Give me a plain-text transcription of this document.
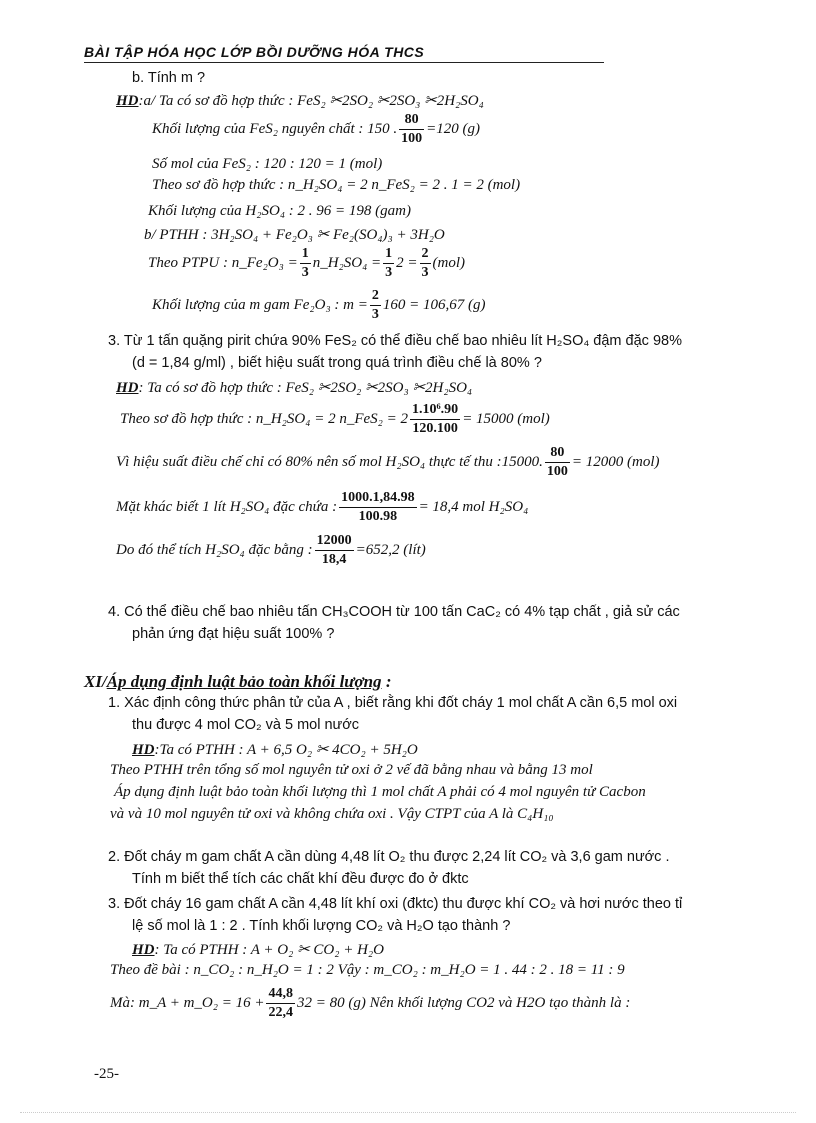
BÀI TẬP HÓA HỌC LỚP BỒI DƯỠNG HÓA THCS
b. Tính m ?
HD:a/ Ta có sơ đồ hợp thức : FeS₂ ✂2SO₂ ✂2SO₃ ✂2H₂SO₄
Khối lượng của FeS₂ nguyên chất : 150 . $\frac{80}{100} =120$ (g)
Số mol của FeS₂ : 120 : 120 = 1 (mol)
Theo sơ đồ hợp thức : n_H₂SO₄ = 2 n_FeS₂ = 2 . 1 = 2 (mol)
Khối lượng của H₂SO₄ : 2 . 96 = 198 (gam)
b/ PTHH : 3H₂SO₄ + Fe₂O₃ ✂ Fe₂(SO₄)₃ + 3H₂O
Theo PTPU : n_Fe₂O₃ = $\frac{1}{3}$ n_H₂SO₄ = $\frac{1}{3} 2 = \frac{2}{3} (mol)$
Khối lượng của m gam Fe₂O₃ : $m = \frac{2}{3} 160 = 106,67$ (g)
3. Từ 1 tấn quặng pirit chứa 90% FeS₂ có thể điều chế bao nhiêu lít H₂SO₄ đậm đặc 98%
(d = 1,84 g/ml) , biết hiệu suất trong quá trình điều chế là 80% ?
HD: Ta có sơ đồ hợp thức : FeS₂ ✂2SO₂ ✂2SO₃ ✂2H₂SO₄
Theo sơ đồ hợp thức : n_H₂SO₄ = 2 n_FeS₂ = $2 \frac{\text{1.10⁶.90}}{120.100} = 15000$ (mol)
Vì hiệu suất điều chế chỉ có 80% nên số mol H₂SO₄ thực tế thu :15000. $\frac{80}{100} = 12000$ (mol)
Mặt khác biết 1 lít H₂SO₄ đặc chứa : $\frac{1000.1,84.98}{100.98} = 18,4$ mol H₂SO₄
Do đó thể tích H₂SO₄ đặc bằng : $\frac{12000}{18,4} =652,2$ (lít)
4. Có thể điều chế bao nhiêu tấn CH₃COOH từ 100 tấn CaC₂ có 4% tạp chất , giả sử các
phản ứng đạt hiệu suất 100% ?
XI/Áp dụng định luật bảo toàn khối lượng :
1. Xác định công thức phân tử của A , biết rằng khi đốt cháy 1 mol chất A cần 6,5 mol oxi
thu được 4 mol CO₂ và 5 mol nước
HD:Ta có PTHH : A + 6,5 O₂ ✂ 4CO₂ + 5H₂O
Theo PTHH trên tổng số mol nguyên tử oxi ở 2 vế đã bằng nhau và bằng 13 mol
Áp dụng định luật bảo toàn khối lượng thì 1 mol chất A phải có 4 mol nguyên tử Cacbon
và và 10 mol nguyên tử oxi và không chứa oxi . Vậy CTPT của A là C₄H₁₀
2. Đốt cháy m gam chất A cần dùng 4,48 lít O₂ thu được 2,24 lít CO₂ và 3,6 gam nước .
Tính m biết thể tích các chất khí đều được đo ở đktc
3. Đốt cháy 16 gam chất A cần 4,48 lít khí oxi (đktc) thu được khí CO₂ và hơi nước theo tỉ
lệ số mol là 1 : 2 . Tính khối lượng CO₂ và H₂O tạo thành ?
HD: Ta có PTHH : A + O₂ ✂ CO₂ + H₂O
Theo đề bài : n_CO₂ : n_H₂O = 1 : 2 Vậy : m_CO₂ : m_H₂O = 1 . 44 : 2 . 18 = 11 : 9
Mà: m_A + m_O₂ = $16 + \frac{44,8}{22,4} 32 = 80$ (g) Nên khối lượng CO2 và H2O tạo thành là :
-25-
